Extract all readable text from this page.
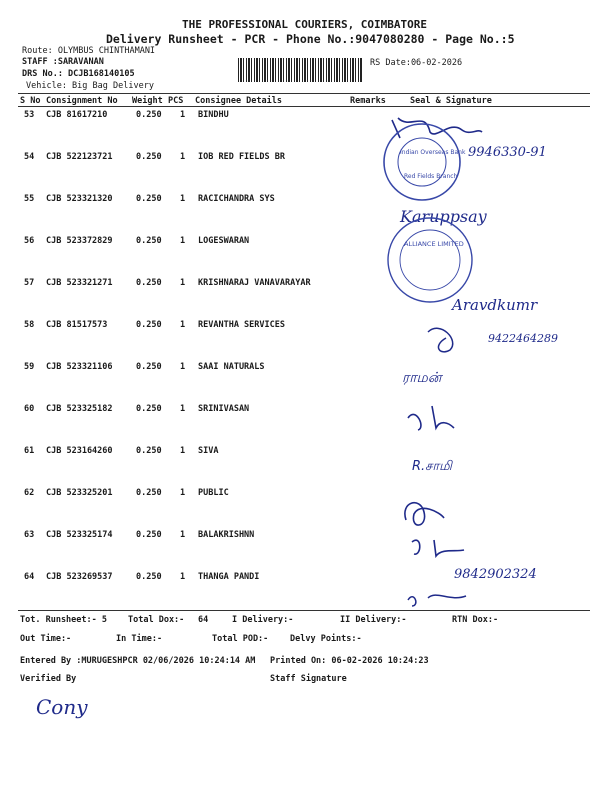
THE PROFESSIONAL COURIERS, COIMBATORE
Delivery Runsheet - PCR - Phone No.:9047080280 - Page No.:5
Route: OLYMBUS CHINTHAMANI
STAFF :SARAVANAN
DRS No.: DCJB168140105
Vehicle: Big Bag Delivery
RS Date:06-02-2026
S No Consignment No Weight PCS Consignee Details	Remarks	Seal & Signature
53 CJB 81617210	0.250 1 BINDHU
54 CJB 522123721	0.250 1 IOB RED FIELDS BR
55 CJB 523321320	0.250 1 RACICHANDRA SYS
56 CJB 523372829	0.250 1 LOGESWARAN
57 CJB 523321271	0.250 1 KRISHNARAJ VANAVARAYAR
58 CJB 81517573	0.250 1 REVANTHA SERVICES
59 CJB 523321106	0.250 1 SAAI NATURALS
60 CJB 523325182	0.250 1 SRINIVASAN
61 CJB 523164260	0.250 1 SIVA
62 CJB 523325201	0.250 1 PUBLIC
63 CJB 523325174	0.250 1 BALAKRISHNN
64 CJB 523269537	0.250 1 THANGA PANDI
Tot. Runsheet:- 5 Total Dox:- 64	I Delivery:-	II Delivery:-	RTN Dox:-
Out Time:-	In Time:-	Total POD:-	Delvy Points:-
Entered By :MURUGESHPCR 02/06/2026 10:24:14 AM Printed On: 06-02-2026 10:24:23
Verified By	Staff Signature
Indian Overseas Bank
Red Fields Branch
9946330-91
Karuppsay
ALLIANCE LIMITED
Aravdkumr
9422464289
ராமன்
R.சாமி
9842902324
Cony
